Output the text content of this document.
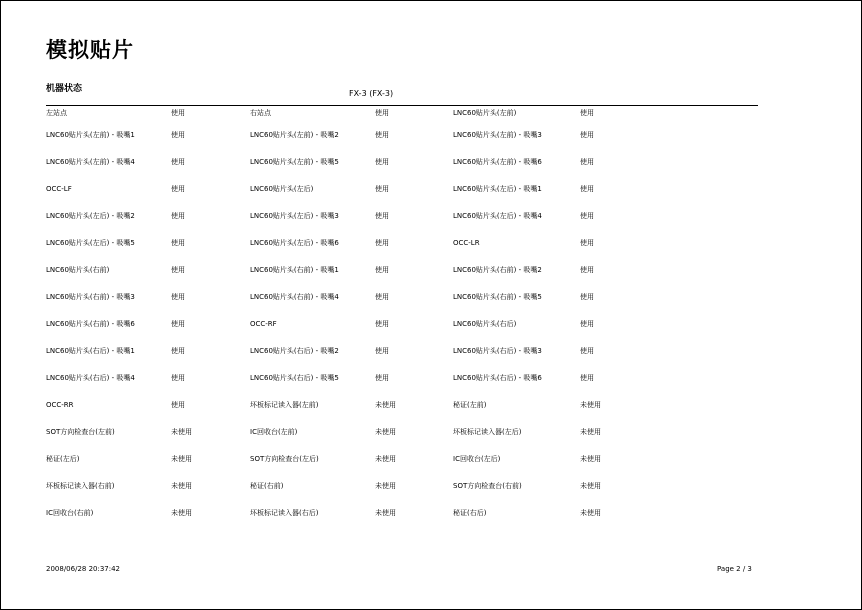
模拟贴片
机器状态	FX-3 (FX-3)
左站点	使用	右站点	使用	LNC60贴片头(左前)	使用
LNC60贴片头(左前) - 吸嘴1	使用	LNC60贴片头(左前) - 吸嘴2	使用	LNC60贴片头(左前) - 吸嘴3	使用
LNC60贴片头(左前) - 吸嘴4	使用	LNC60贴片头(左前) - 吸嘴5	使用	LNC60贴片头(左前) - 吸嘴6	使用
OCC-LF	使用	LNC60贴片头(左后)	使用	LNC60贴片头(左后) - 吸嘴1	使用
LNC60贴片头(左后) - 吸嘴2	使用	LNC60贴片头(左后) - 吸嘴3	使用	LNC60贴片头(左后) - 吸嘴4	使用
LNC60贴片头(左后) - 吸嘴5	使用	LNC60贴片头(左后) - 吸嘴6	使用	OCC-LR	使用
LNC60贴片头(右前)	使用	LNC60贴片头(右前) - 吸嘴1	使用	LNC60贴片头(右前) - 吸嘴2	使用
LNC60贴片头(右前) - 吸嘴3	使用	LNC60贴片头(右前) - 吸嘴4	使用	LNC60贴片头(右前) - 吸嘴5	使用
LNC60贴片头(右前) - 吸嘴6	使用	OCC-RF	使用	LNC60贴片头(右后)	使用
LNC60贴片头(右后) - 吸嘴1	使用	LNC60贴片头(右后) - 吸嘴2	使用	LNC60贴片头(右后) - 吸嘴3	使用
LNC60贴片头(右后) - 吸嘴4	使用	LNC60贴片头(右后) - 吸嘴5	使用	LNC60贴片头(右后) - 吸嘴6	使用
OCC-RR	使用	坏板标记读入器(左前)	未使用	秘证(左前)	未使用
SOT方向检查台(左前)	未使用	IC回收台(左前)	未使用	坏板标记读入器(左后)	未使用
秘证(左后)	未使用	SOT方向检查台(左后)	未使用	IC回收台(左后)	未使用
坏板标记读入器(右前)	未使用	秘证(右前)	未使用	SOT方向检查台(右前)	未使用
IC回收台(右前)	未使用	坏板标记读入器(右后)	未使用	秘证(右后)	未使用
2008/06/28 20:37:42	Page 2 / 3
